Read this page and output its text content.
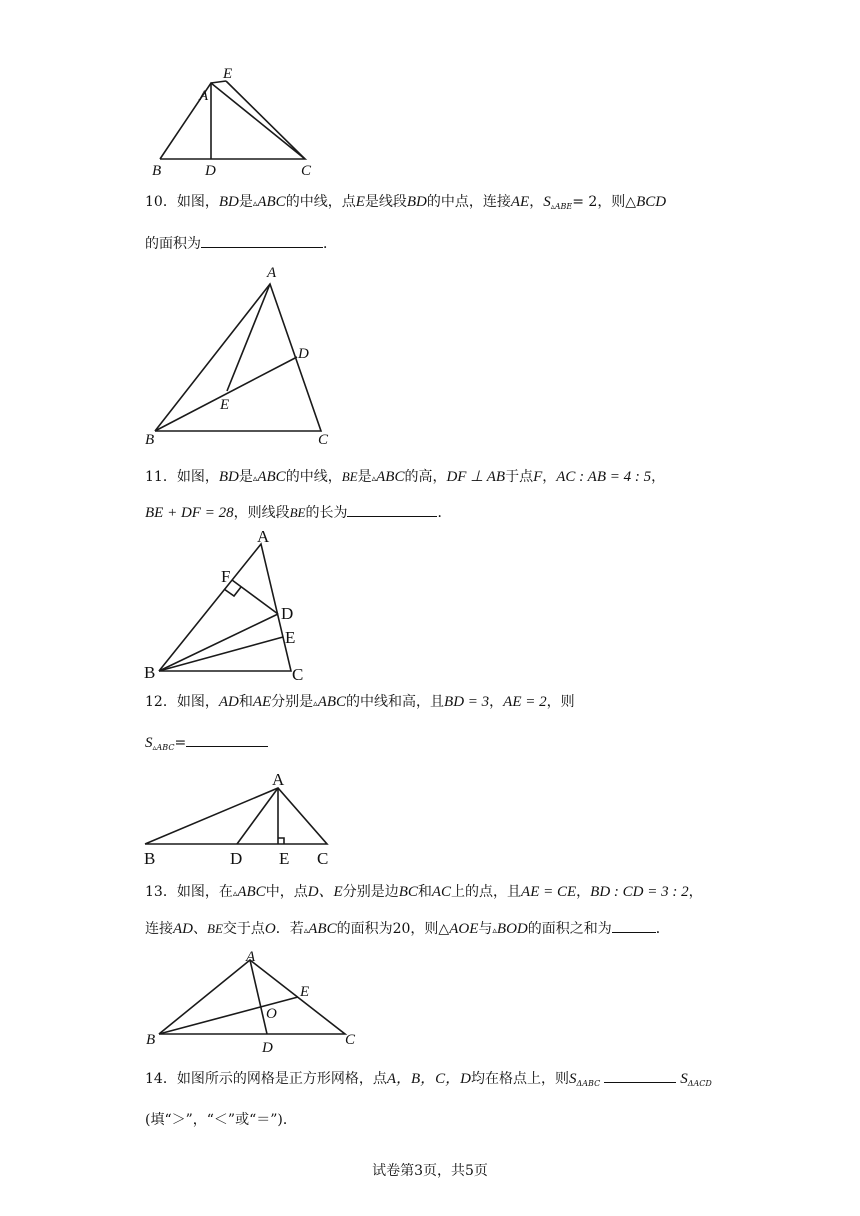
E
A
B	D	C
10．如图，BD是▵ABC的中线，点E是线段BD的中点，连接AE，$S_{▵ABE}= 2$，则△BCD
的面积为	．
A
D
E
B	C
11．如图，BD是▵ABC的中线，BE是▵ABC的高，DF ⊥ AB于点F，AC : AB = 4 : 5，
BE + DF = 28，则线段BE的长为	．
A
F
D
E
B	C
12．如图，AD和AE分别是▵ABC的中线和高，且BD = 3，AE = 2，则
$S_{▵ABC}=$
A
B	D E C
13．如图，在▵ABC中，点D、E分别是边BC和AC上的点，且AE = CE，BD : CD = 3 : 2，
连接AD、BE交于点O．若▵ABC的面积为20，则△AOE与▵BOD的面积之和为	．
A
E
O
B	D	C
14．如图所示的网格是正方形网格，点A，B，C，D均在格点上，则$S_{\Delta ABC}$	$S_{\Delta ACD}$
(填“＞”，“＜”或“＝”)．
试卷第3页，共5页
